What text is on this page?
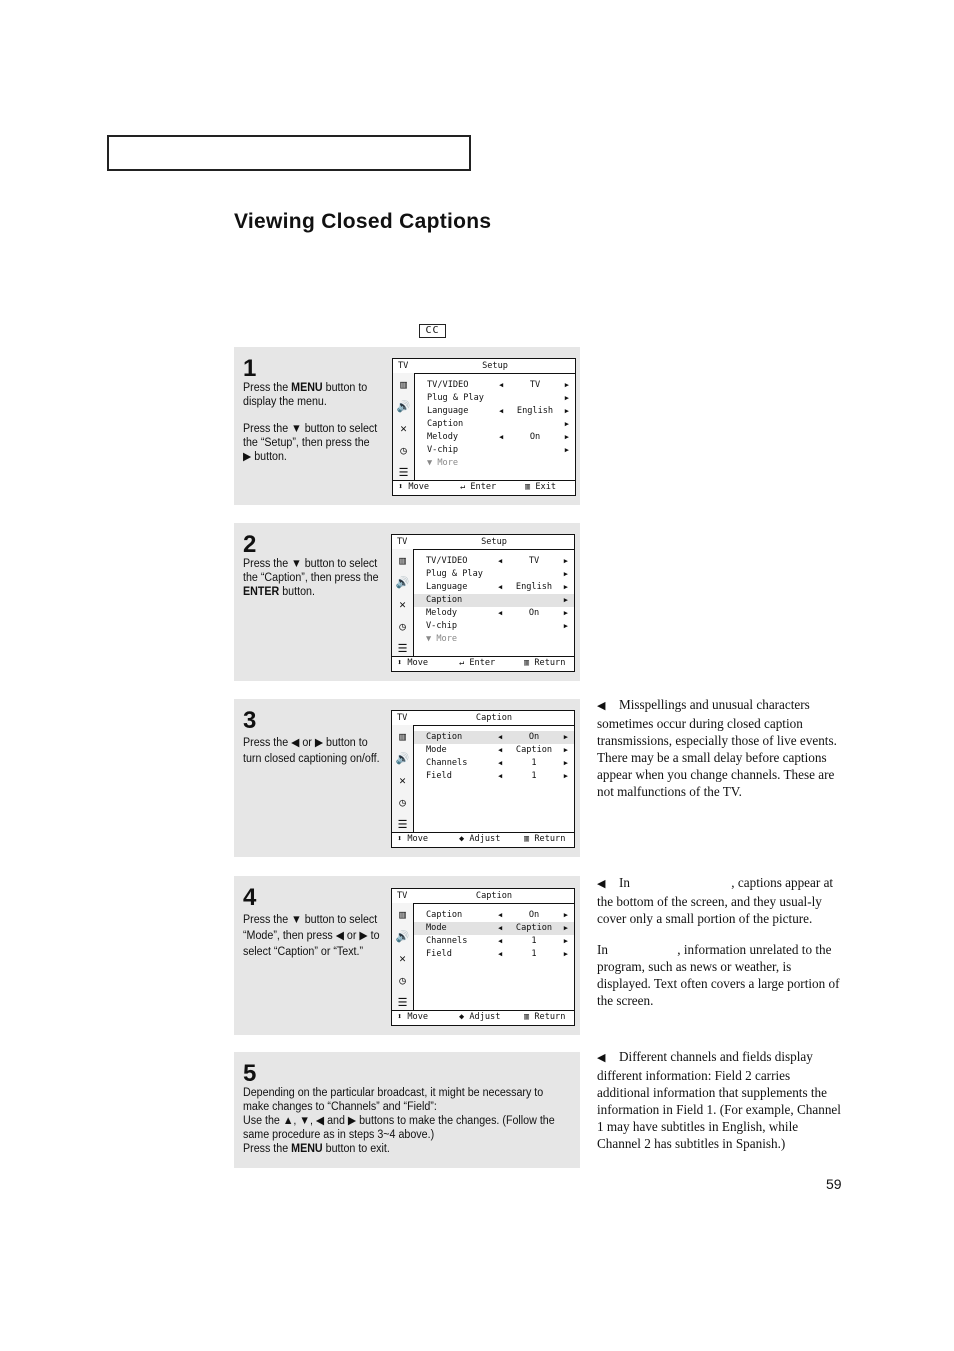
Viewing Closed Captions
CC
1

Press the MENU button to display the menu.

Press the ▼ button to select the “Setup”, then press the ▶ button.

TV	Setup
▥
🔊
✕
◷
☰
TV/VIDEO	◀	TV	▶
Plug & Play	▶
Language	◀	English	▶
Caption	▶
Melody	◀	On	▶
V-chip	▶
▼ More
⬍ Move	↵ Enter	▥ Exit
2

Press the ▼ button to select the “Caption”, then press the ENTER button.

TV	Setup
▥
🔊
✕
◷
☰
TV/VIDEO	◀	TV	▶
Plug & Play	▶
Language	◀	English	▶
Caption	▶
Melody	◀	On	▶
V-chip	▶
▼ More
⬍ Move	↵ Enter	▥ Return
3

Press the ◀ or ▶ button to turn closed captioning on/off.

TV	Caption
▥
🔊
✕
◷
☰
Caption	◀	On	▶
Mode	◀	Caption	▶
Channels	◀	1	▶
Field	◀	1	▶
⬍ Move	◆ Adjust	▥ Return
4

Press the ▼ button to select “Mode”, then press ◀ or ▶ to select “Caption” or “Text.”

TV	Caption
▥
🔊
✕
◷
☰
Caption	◀	On	▶
Mode	◀	Caption	▶
Channels	◀	1	▶
Field	◀	1	▶
⬍ Move	◆ Adjust	▥ Return
5

Depending on the particular broadcast, it might be necessary to make changes to “Channels” and “Field”:
Use the ▲, ▼, ◀ and ▶ buttons to make the changes. (Follow the same procedure as in steps 3~4 above.)
Press the MENU button to exit.

◀ Misspellings and unusual characters sometimes occur during closed caption transmissions, especially those of live events. There may be a small delay before captions appear when you change channels. These are not malfunctions of the TV.

◀ In	, captions appear at the bottom of the screen, and they usual-ly cover only a small portion of the picture.

In	, information unrelated to the program, such as news or weather, is displayed. Text often covers a large portion of the screen.

◀ Different channels and fields display different information: Field 2 carries additional information that supplements the information in Field 1. (For example, Channel 1 may have subtitles in English, while Channel 2 has subtitles in Spanish.)

59
